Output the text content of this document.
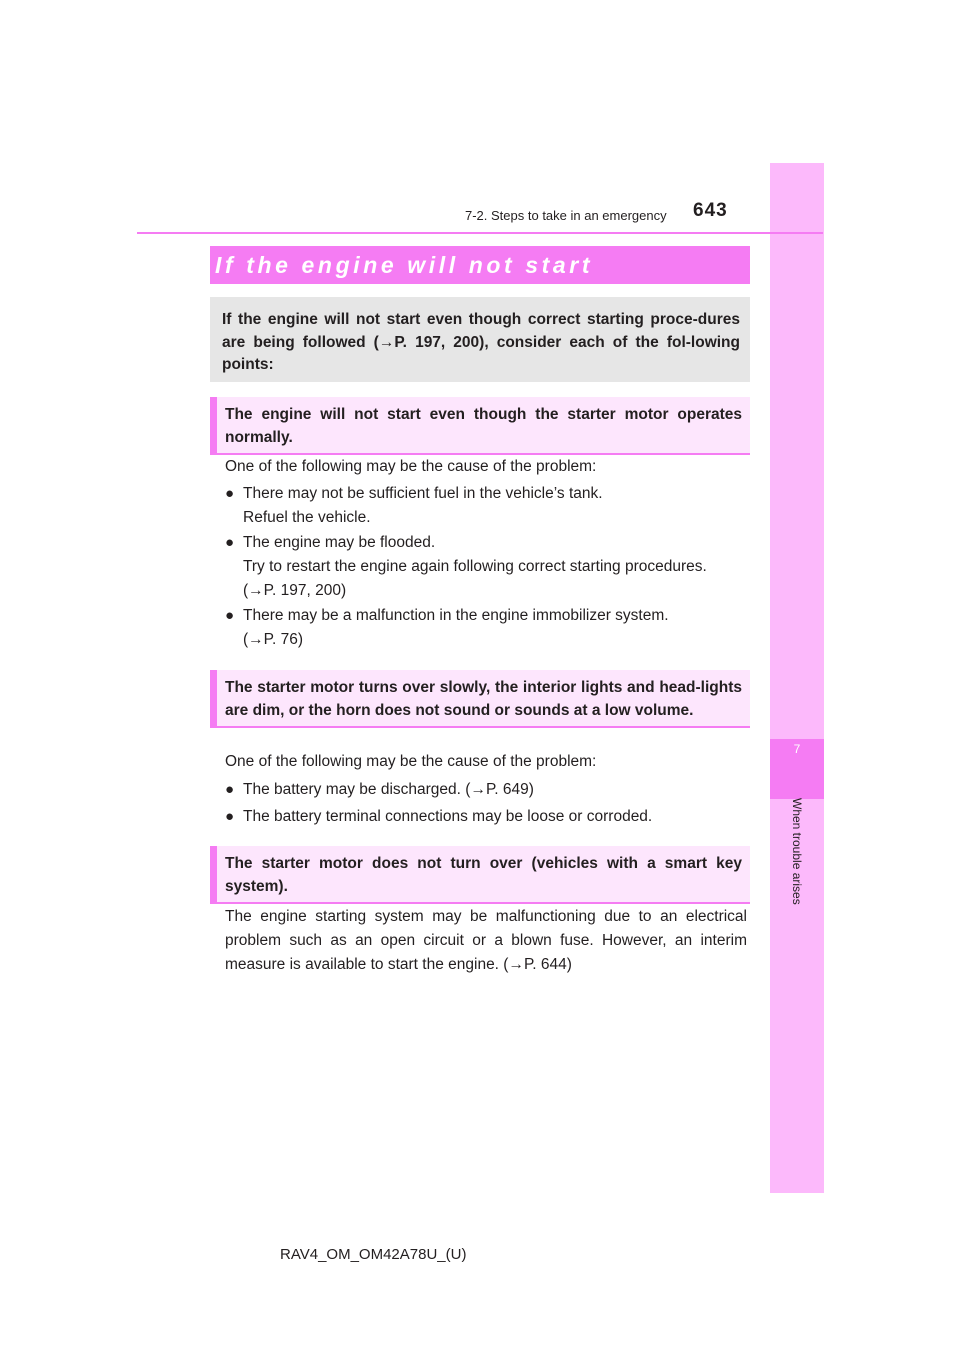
7
When trouble arises
7-2. Steps to take in an emergency 643
If the engine will not start

If the engine will not start even though correct starting proce-dures are being followed (→P. 197, 200), consider each of the fol-lowing points:

The engine will not start even though the starter motor operates normally.

One of the following may be the cause of the problem:

● There may not be sufficient fuel in the vehicle’s tank.
Refuel the vehicle.
● The engine may be flooded.
Try to restart the engine again following correct starting procedures.
(→P. 197, 200)
● There may be a malfunction in the engine immobilizer system.
(→P. 76)

The starter motor turns over slowly, the interior lights and head-lights are dim, or the horn does not sound or sounds at a low volume.

One of the following may be the cause of the problem:

● The battery may be discharged. (→P. 649)
● The battery terminal connections may be loose or corroded.

The starter motor does not turn over (vehicles with a smart key system).

The engine starting system may be malfunctioning due to an electrical problem such as an open circuit or a blown fuse. However, an interim measure is available to start the engine. (→P. 644)

RAV4_OM_OM42A78U_(U)
